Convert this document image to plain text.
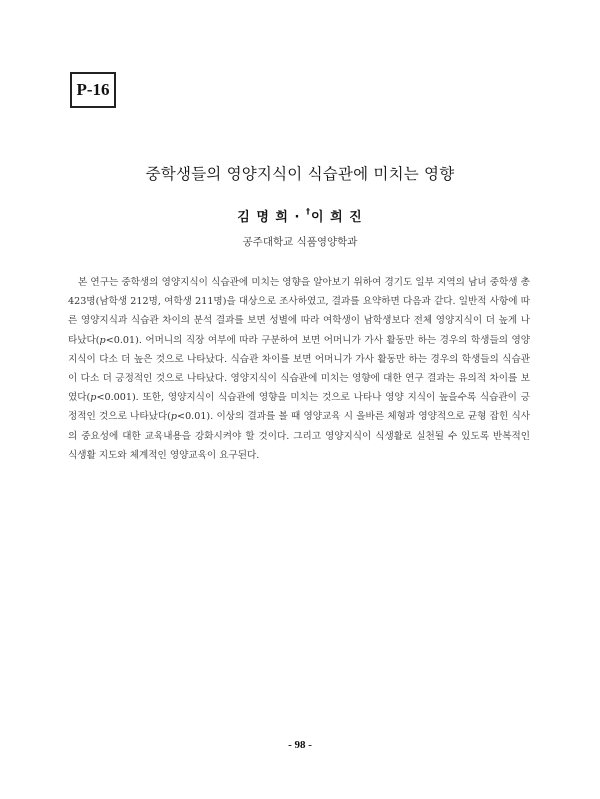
P-16
중학생들의 영양지식이 식습관에 미치는 영향
김 명 희 · †이 희 진
공주대학교 식품영양학과

본 연구는 중학생의 영양지식이 식습관에 미치는 영향을 알아보기 위하여 경기도 일부 지역의 남녀 중학생 총 423명(남학생 212명, 여학생 211명)을 대상으로 조사하였고, 결과를 요약하면 다음과 같다. 일반적 사항에 따른 영양지식과 식습관 차이의 분석 결과를 보면 성별에 따라 여학생이 남학생보다 전체 영양지식이 더 높게 나타났다(p<0.01). 어머니의 직장 여부에 따라 구분하여 보면 어머니가 가사 활동만 하는 경우의 학생들의 영양지식이 다소 더 높은 것으로 나타났다. 식습관 차이를 보면 어머니가 가사 활동만 하는 경우의 학생들의 식습관이 다소 더 긍정적인 것으로 나타났다. 영양지식이 식습관에 미치는 영향에 대한 연구 결과는 유의적 차이를 보였다(p<0.001). 또한, 영양지식이 식습관에 영향을 미치는 것으로 나타나 영양 지식이 높을수록 식습관이 긍정적인 것으로 나타났다(p<0.01). 이상의 결과를 볼 때 영양교육 시 올바른 체형과 영양적으로 균형 잡힌 식사의 중요성에 대한 교육내용을 강화시켜야 할 것이다. 그리고 영양지식이 식생활로 실천될 수 있도록 반복적인 식생활 지도와 체계적인 영양교육이 요구된다.

- 98 -
